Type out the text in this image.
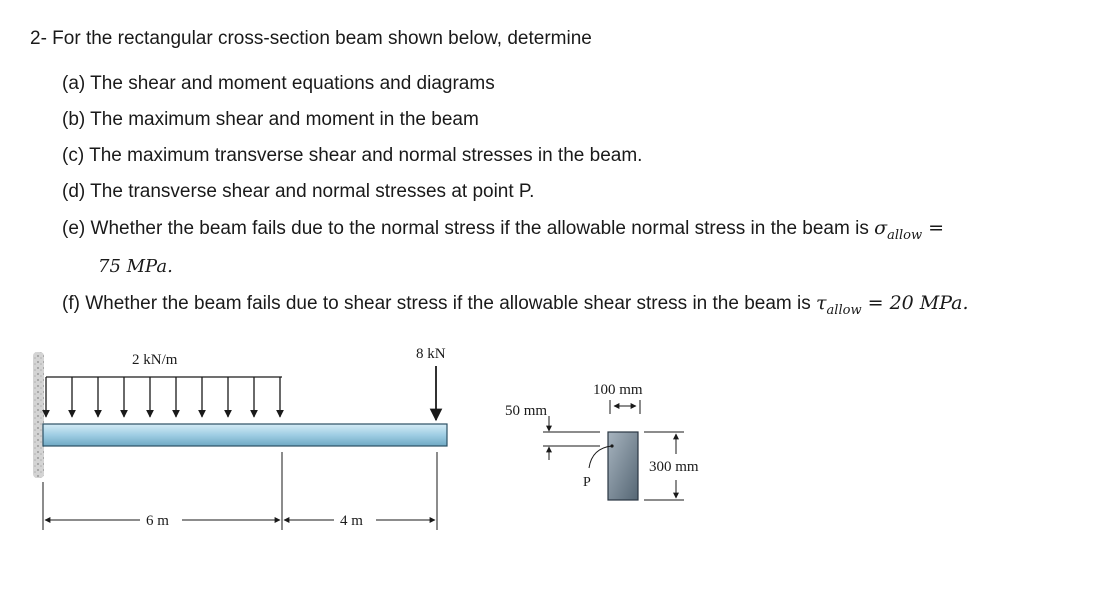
2- For the rectangular cross-section beam shown below, determine
(a) The shear and moment equations and diagrams
(b) The maximum shear and moment in the beam
(c) The maximum transverse shear and normal stresses in the beam.
(d) The transverse shear and normal stresses at point P.
(e) Whether the beam fails due to the normal stress if the allowable normal stress in the beam is $\sigma_{allow}$ =
75 MPa.
(f) Whether the beam fails due to shear stress if the allowable shear stress in the beam is $\tau_{allow} = 20$ MPa.
2 kN/m	8 kN
6 m	4 m
100 mm
50 mm
300 mm
P
